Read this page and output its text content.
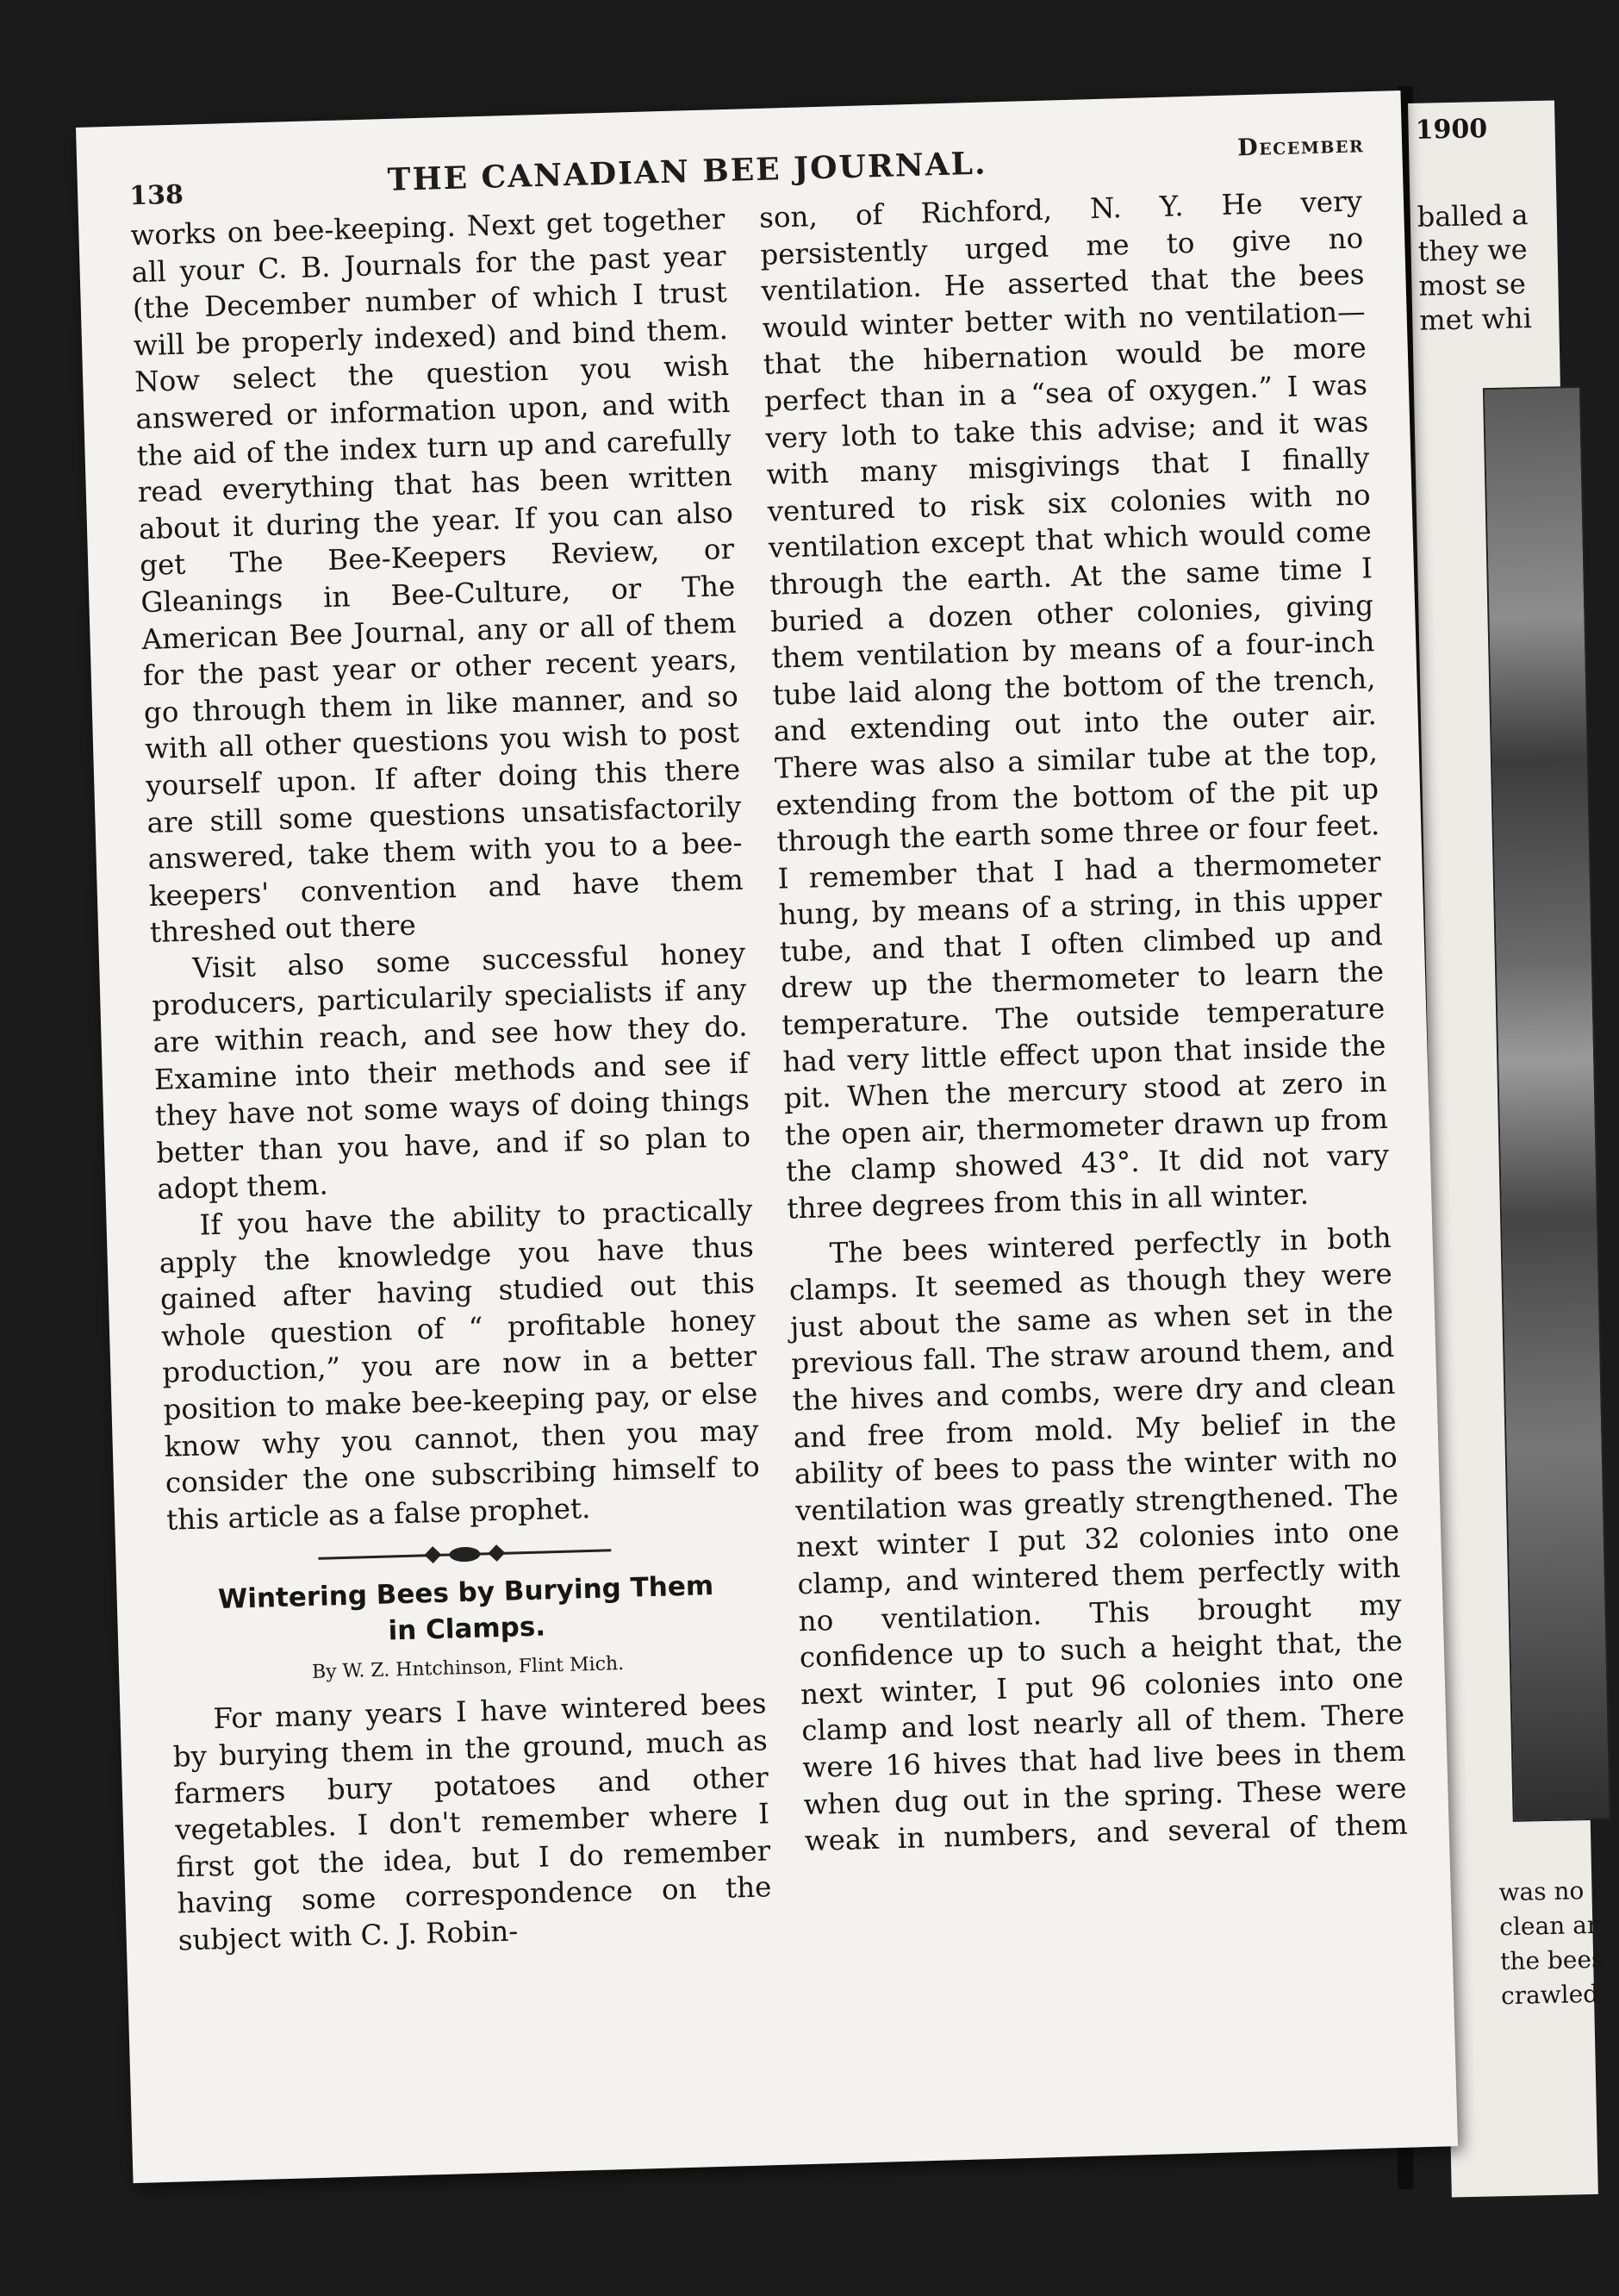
1900
balled a
they we
most se
met whi
was no c
clean ar
the bees
crawled
138	THE CANADIAN BEE JOURNAL.	December

works on bee-keeping. Next get together all your C. B. Journals for the past year (the December number of which I trust will be properly indexed) and bind them. Now select the question you wish answered or information upon, and with the aid of the index turn up and carefully read everything that has been written about it during the year. If you can also get The Bee-Keepers Review, or Gleanings in Bee-Culture, or The American Bee Journal, any or all of them for the past year or other recent years, go through them in like manner, and so with all other questions you wish to post yourself upon. If after doing this there are still some questions unsatisfactorily answered, take them with you to a bee-keepers' convention and have them threshed out there

Visit also some successful honey producers, particularily specialists if any are within reach, and see how they do. Examine into their methods and see if they have not some ways of doing things better than you have, and if so plan to adopt them.

If you have the ability to practically apply the knowledge you have thus gained after having studied out this whole question of “ profitable honey production,” you are now in a better position to make bee-keeping pay, or else know why you cannot, then you may consider the one subscribing himself to this article as a false prophet.

Wintering Bees by Burying Them
in Clamps.
By W. Z. Hntchinson, Flint Mich.

For many years I have wintered bees by burying them in the ground, much as farmers bury potatoes and other vegetables. I don't remember where I first got the idea, but I do remember having some correspondence on the subject with C. J. Robin-

son, of Richford, N. Y. He very persistently urged me to give no ventilation. He asserted that the bees would winter better with no ventilation—that the hibernation would be more perfect than in a “sea of oxygen.” I was very loth to take this advise; and it was with many misgivings that I finally ventured to risk six colonies with no ventilation except that which would come through the earth. At the same time I buried a dozen other colonies, giving them ventilation by means of a four-inch tube laid along the bottom of the trench, and extending out into the outer air. There was also a similar tube at the top, extending from the bottom of the pit up through the earth some three or four feet. I remember that I had a thermometer hung, by means of a string, in this upper tube, and that I often climbed up and drew up the thermometer to learn the temperature. The outside temperature had very little effect upon that inside the pit. When the mercury stood at zero in the open air, thermometer drawn up from the clamp showed 43°. It did not vary three degrees from this in all winter.

The bees wintered perfectly in both clamps. It seemed as though they were just about the same as when set in the previous fall. The straw around them, and the hives and combs, were dry and clean and free from mold. My belief in the ability of bees to pass the winter with no ventilation was greatly strengthened. The next winter I put 32 colonies into one clamp, and wintered them perfectly with no ventilation. This brought my confidence up to such a height that, the next winter, I put 96 colonies into one clamp and lost nearly all of them. There were 16 hives that had live bees in them when dug out in the spring. These were weak in numbers, and several of them
